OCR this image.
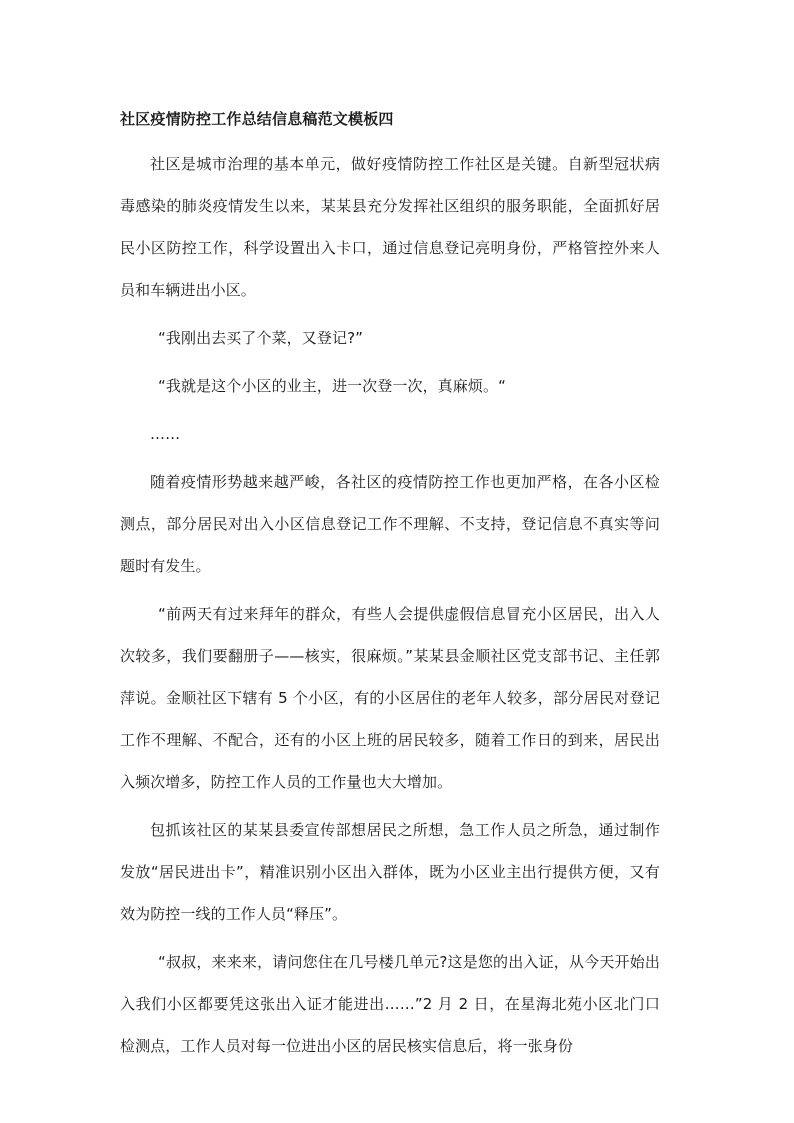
社区疫情防控工作总结信息稿范文模板四

社区是城市治理的基本单元，做好疫情防控工作社区是关键。自新型冠状病毒感染的肺炎疫情发生以来，某某县充分发挥社区组织的服务职能，全面抓好居民小区防控工作，科学设置出入卡口，通过信息登记亮明身份，严格管控外来人员和车辆进出小区。

“我刚出去买了个菜，又登记?”

“我就是这个小区的业主，进一次登一次，真麻烦。“

……

随着疫情形势越来越严峻，各社区的疫情防控工作也更加严格，在各小区检测点，部分居民对出入小区信息登记工作不理解、不支持，登记信息不真实等问题时有发生。

“前两天有过来拜年的群众，有些人会提供虚假信息冒充小区居民，出入人次较多，我们要翻册子——核实，很麻烦。”某某县金顺社区党支部书记、主任郭萍说。金顺社区下辖有 5 个小区，有的小区居住的老年人较多，部分居民对登记工作不理解、不配合，还有的小区上班的居民较多，随着工作日的到来，居民出入频次增多，防控工作人员的工作量也大大增加。

包抓该社区的某某县委宣传部想居民之所想，急工作人员之所急，通过制作发放“居民进出卡”，精准识别小区出入群体，既为小区业主出行提供方便，又有效为防控一线的工作人员“释压”。

“叔叔，来来来，请问您住在几号楼几单元?这是您的出入证，从今天开始出入我们小区都要凭这张出入证才能进出……”2 月 2 日，在星海北苑小区北门口检测点，工作人员对每一位进出小区的居民核实信息后，将一张身份
